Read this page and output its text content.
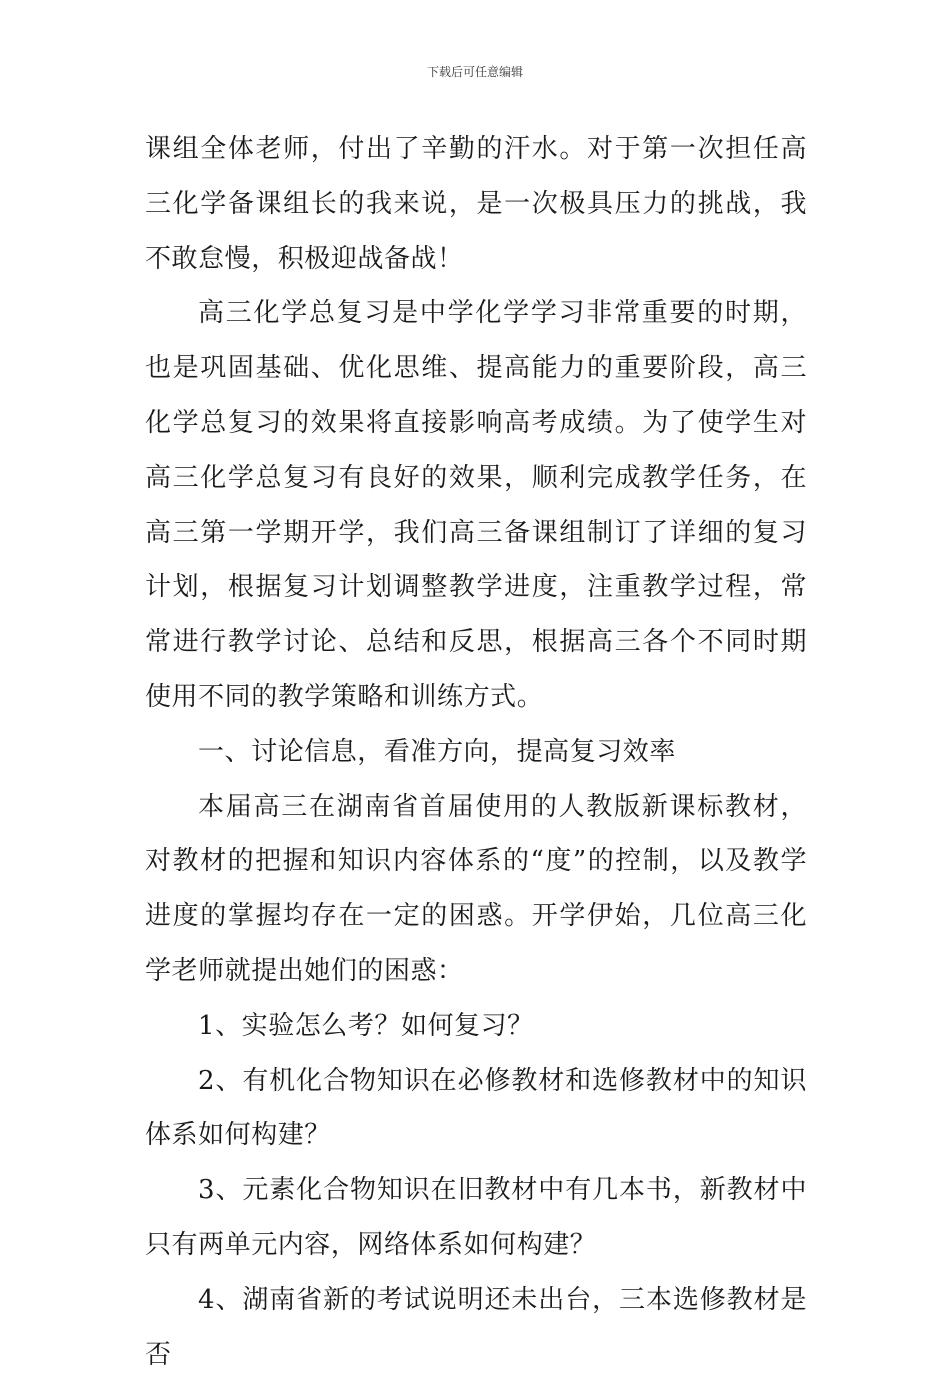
下载后可任意编辑

课组全体老师，付出了辛勤的汗水。对于第一次担任高三化学备课组长的我来说，是一次极具压力的挑战，我不敢怠慢，积极迎战备战！

高三化学总复习是中学化学学习非常重要的时期，也是巩固基础、优化思维、提高能力的重要阶段，高三化学总复习的效果将直接影响高考成绩。为了使学生对高三化学总复习有良好的效果，顺利完成教学任务，在高三第一学期开学，我们高三备课组制订了详细的复习计划，根据复习计划调整教学进度，注重教学过程，常常进行教学讨论、总结和反思，根据高三各个不同时期使用不同的教学策略和训练方式。

一、讨论信息，看准方向，提高复习效率

本届高三在湖南省首届使用的人教版新课标教材，对教材的把握和知识内容体系的“度”的控制，以及教学进度的掌握均存在一定的困惑。开学伊始，几位高三化学老师就提出她们的困惑：

1、实验怎么考？如何复习？

2、有机化合物知识在必修教材和选修教材中的知识体系如何构建？

3、元素化合物知识在旧教材中有几本书，新教材中只有两单元内容，网络体系如何构建？

4、湖南省新的考试说明还未出台，三本选修教材是否
